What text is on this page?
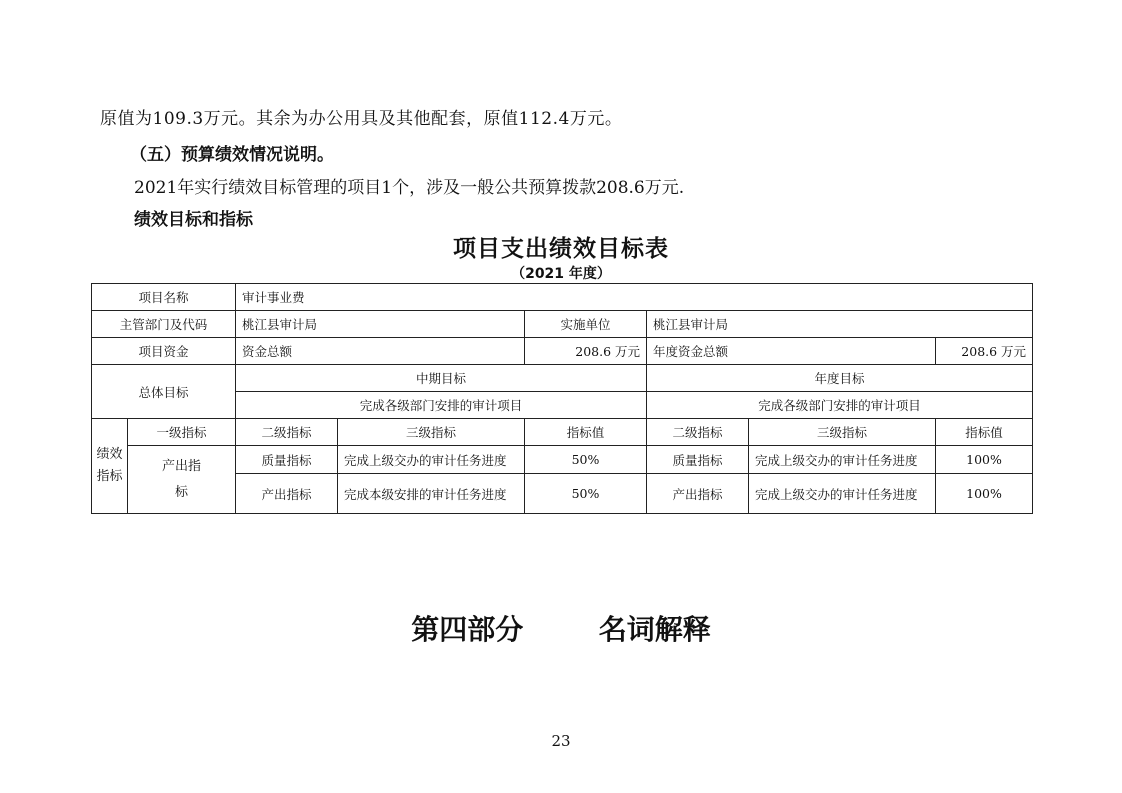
原值为109.3万元。其余为办公用具及其他配套，原值112.4万元。
（五）预算绩效情况说明。
2021年实行绩效目标管理的项目1个，涉及一般公共预算拨款208.6万元.
绩效目标和指标
项目支出绩效目标表
（2021 年度）
项目名称		审计事业费					
主管部门及代码		桃江县审计局		实施单位	桃江县审计局		
项目资金		资金总额		208.6 万元	年度资金总额		208.6 万元
总体目标		中期目标			年度目标		
		完成各级部门安排的审计项目			完成各级部门安排的审计项目		
绩效指标	一级指标	二级指标	三级指标	指标值	二级指标	三级指标	指标值
	产出指标	质量指标	完成上级交办的审计任务进度	50%	质量指标	完成上级交办的审计任务进度	100%
		产出指标	完成本级安排的审计任务进度	50%	产出指标	完成上级交办的审计任务进度	100%
第四部分	名词解释
23
